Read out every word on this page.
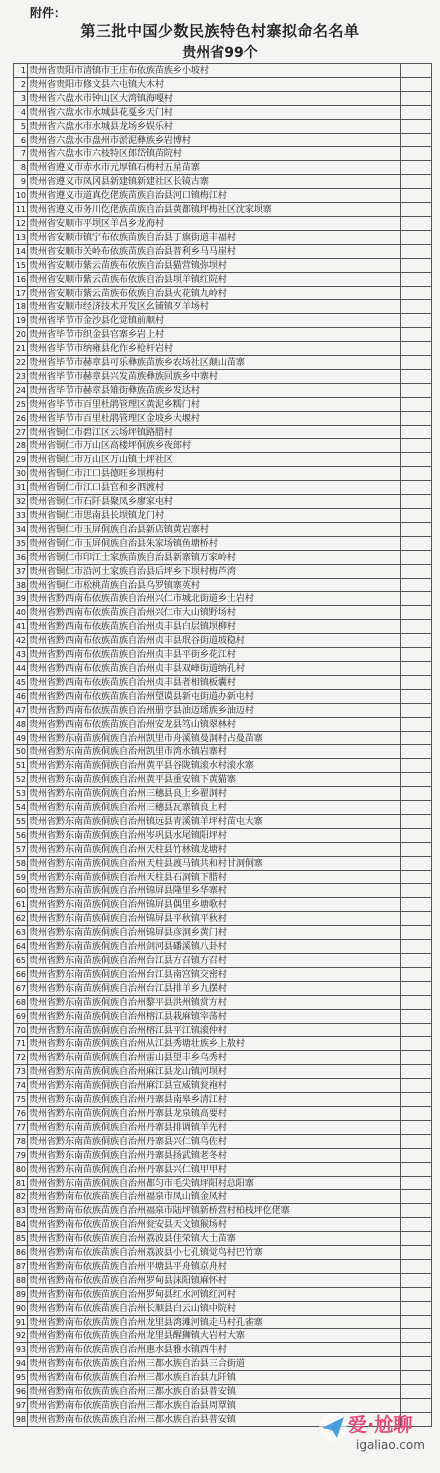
附件：
第三批中国少数民族特色村寨拟命名名单
贵州省99个
1 贵州省贵阳市清镇市王庄布依族苗族乡小坡村
2 贵州省贵阳市修文县六屯镇大木村
3 贵州省六盘水市钟山区大湾镇海嘎村
4 贵州省六盘水市水城县花戛乡天门村
5 贵州省六盘水市水城县龙场乡娱乐村
6 贵州省六盘水市盘州市淤泥彝族乡岩博村
7 贵州省六盘水市六枝特区郎岱镇苗院村
8 贵州省遵义市赤水市元厚镇石梅村五星苗寨
9 贵州省遵义市凤冈县新建镇新建社区长镜古寨
10 贵州省遵义市道真仡佬族苗族自治县河口镇梅江村
11 贵州省遵义市务川仡佬族苗族自治县黄都镇坪梅社区沈家坝寨
12 贵州省安顺市平坝区羊昌乡龙海村
13 贵州省安顺市镇宁布依族苗族自治县丁旗街道丰福村
14 贵州省安顺市关岭布依族苗族自治县普利乡马马崖村
15 贵州省安顺市紫云苗族布依族自治县猫营镇弥坝村
16 贵州省安顺市紫云苗族布依族自治县坝羊镇红院村
17 贵州省安顺市紫云苗族布依族自治县火花镇九岭村
18 贵州省安顺市经济技术开发区幺铺镇歹羊场村
19 贵州省毕节市金沙县化觉镇前顺村
20 贵州省毕节市织金县官寨乡岩上村
21 贵州省毕节市纳雍县化作乡枪杆岩村
22 贵州省毕节市赫章县可乐彝族苗族乡农场社区颠山苗寨
23 贵州省毕节市赫章县兴发苗族彝族回族乡中寨村
24 贵州省毕节市赫章县雉街彝族苗族乡发达村
25 贵州省毕节市百里杜鹃管理区黄泥乡糯门村
26 贵州省毕节市百里杜鹃管理区金坡乡大堰村
27 贵州省铜仁市碧江区云场坪镇路腊村
28 贵州省铜仁市万山区高楼坪侗族乡夜郎村
29 贵州省铜仁市万山区万山镇土坪社区
30 贵州省铜仁市江口县德旺乡坝梅村
31 贵州省铜仁市江口县官和乡泗渡村
32 贵州省铜仁市石阡县聚凤乡廖家屯村
33 贵州省铜仁市思南县长坝镇龙门村
34 贵州省铜仁市玉屏侗族自治县新店镇黄岩寨村
35 贵州省铜仁市玉屏侗族自治县朱家场镇鱼塘桥村
36 贵州省铜仁市印江土家族苗族自治县新寨镇万家岭村
37 贵州省铜仁市沿河土家族自治县后坪乡下坝村梅芦湾
38 贵州省铜仁市松桃苗族自治县乌罗镇寨英村
39 贵州省黔西南布依族苗族自治州兴仁市城北街道乡土岩村
40 贵州省黔西南布依族苗族自治州兴仁市大山镇野场村
41 贵州省黔西南布依族苗族自治州贞丰县白层镇坝柳村
42 贵州省黔西南布依族苗族自治州贞丰县珉谷街道坡稳村
43 贵州省黔西南布依族苗族自治州贞丰县平街乡花江村
44 贵州省黔西南布依族苗族自治州贞丰县双峰街道纳孔村
45 贵州省黔西南布依族苗族自治州贞丰县者相镇板囊村
46 贵州省黔西南布依族苗族自治州望谟县新屯街道办新屯村
47 贵州省黔西南布依族苗族自治州册亨县油迈瑶族乡油迈村
48 贵州省黔西南布依族苗族自治州安龙县笃山镇翠林村
49 贵州省黔东南苗族侗族自治州凯里市舟溪镇曼洞村占曼苗寨
50 贵州省黔东南苗族侗族自治州凯里市湾水镇岩寨村
51 贵州省黔东南苗族侗族自治州黄平县谷陇镇滚水村滚水寨
52 贵州省黔东南苗族侗族自治州黄平县重安镇下黄猫寨
53 贵州省黔东南苗族侗族自治州三穗县良上乡翟洞村
54 贵州省黔东南苗族侗族自治州三穗县瓦寨镇良上村
55 贵州省黔东南苗族侗族自治州镇远县青溪镇羊坪村苗屯大寨
56 贵州省黔东南苗族侗族自治州岑巩县水尾镇阳坪村
57 贵州省黔东南苗族侗族自治州天柱县竹林镇龙塘村
58 贵州省黔东南苗族侗族自治州天柱县渡马镇共和村甘洞侗寨
59 贵州省黔东南苗族侗族自治州天柱县石洞镇下腊村
60 贵州省黔东南苗族侗族自治州锦屏县隆里乡华寨村
61 贵州省黔东南苗族侗族自治州锦屏县偶里乡塘歌村
62 贵州省黔东南苗族侗族自治州锦屏县平秋镇平秋村
63 贵州省黔东南苗族侗族自治州锦屏县彦洞乡黄门村
64 贵州省黔东南苗族侗族自治州剑河县磻溪镇八卦村
65 贵州省黔东南苗族侗族自治州台江县方召镇方召村
66 贵州省黔东南苗族侗族自治州台江县南宫镇交密村
67 贵州省黔东南苗族侗族自治州台江县排羊乡九摆村
68 贵州省黔东南苗族侗族自治州黎平县洪州镇赏方村
69 贵州省黔东南苗族侗族自治州榕江县栽麻镇宰荡村
70 贵州省黔东南苗族侗族自治州榕江县平江镇滚仲村
71 贵州省黔东南苗族侗族自治州从江县秀塘壮族乡上敖村
72 贵州省黔东南苗族侗族自治州雷山县望丰乡乌秀村
73 贵州省黔东南苗族侗族自治州麻江县龙山镇河坝村
74 贵州省黔东南苗族侗族自治州麻江县宣威镇瓮袍村
75 贵州省黔东南苗族侗族自治州丹寨县南皋乡清江村
76 贵州省黔东南苗族侗族自治州丹寨县龙泉镇高要村
77 贵州省黔东南苗族侗族自治州丹寨县排调镇羊先村
78 贵州省黔东南苗族侗族自治州丹寨县兴仁镇乌佐村
79 贵州省黔东南苗族侗族自治州丹寨县扬武镇老冬村
80 贵州省黔东南苗族侗族自治州丹寨县兴仁镇甲甲村
81 贵州省黔东南苗族侗族自治州都匀市毛尖镇坪阳村总阳寨
82 贵州省黔南布依族苗族自治州福泉市凤山镇金凤村
83 贵州省黔南布依族苗族自治州福泉市陆坪镇新桥营村柏枝坪仡佬寨
84 贵州省黔南布依族苗族自治州瓮安县天文镇猴场村
85 贵州省黔南布依族苗族自治州荔波县佳荣镇大土苗寨
86 贵州省黔南布依族苗族自治州荔波县小七孔镇觉鸟村巴竹寨
87 贵州省黔南布依族苗族自治州平塘县平舟镇京舟村
88 贵州省黔南布依族苗族自治州罗甸县沫阳镇麻怀村
89 贵州省黔南布依族苗族自治州罗甸县红水河镇红河村
90 贵州省黔南布依族苗族自治州长顺县白云山镇中院村
91 贵州省黔南布依族苗族自治州龙里县湾滩河镇走马村孔雀寨
92 贵州省黔南布依族苗族自治州龙里县醒狮镇大岩村大寨
93 贵州省黔南布依族苗族自治州惠水县雅水镇西牛村
94 贵州省黔南布依族苗族自治州三都水族自治县三合街道
95 贵州省黔南布依族苗族自治州三都水族自治县九阡镇
96 贵州省黔南布依族苗族自治州三都水族自治县普安镇
97 贵州省黔南布依族苗族自治州三都水族自治县周覃镇
98 贵州省黔南布依族苗族自治州三都水族自治县普安镇	爱·尬聊
igaliao.com
